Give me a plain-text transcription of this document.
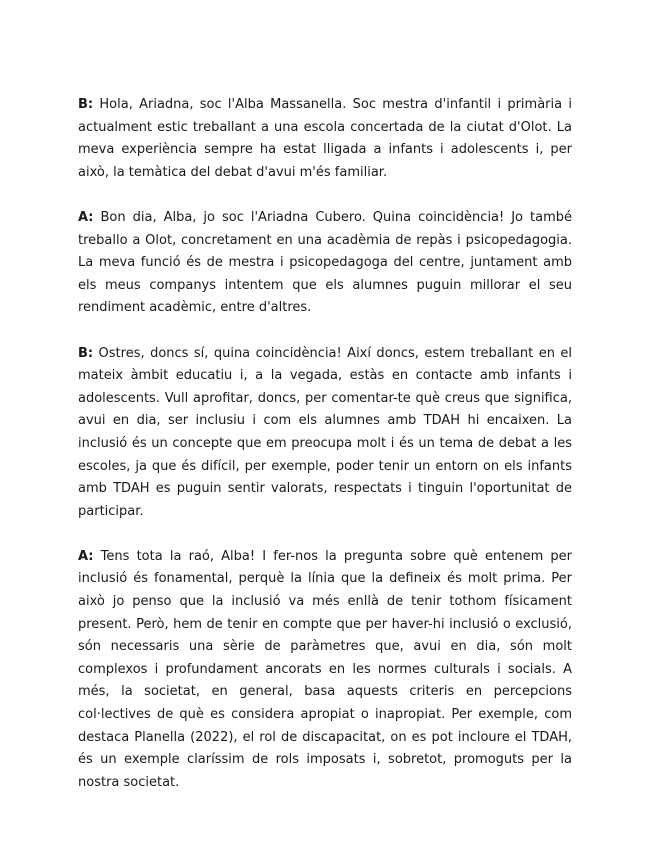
B: Hola, Ariadna, soc l'Alba Massanella. Soc mestra d'infantil i primària i actualment estic treballant a una escola concertada de la ciutat d'Olot. La meva experiència sempre ha estat lligada a infants i adolescents i, per això, la temàtica del debat d'avui m'és familiar.

A: Bon dia, Alba, jo soc l'Ariadna Cubero. Quina coincidència! Jo també treballo a Olot, concretament en una acadèmia de repàs i psicopedagogia. La meva funció és de mestra i psicopedagoga del centre, juntament amb els meus companys intentem que els alumnes puguin millorar el seu rendiment acadèmic, entre d'altres.

B: Ostres, doncs sí, quina coincidència! Així doncs, estem treballant en el mateix àmbit educatiu i, a la vegada, estàs en contacte amb infants i adolescents. Vull aprofitar, doncs, per comentar-te què creus que significa, avui en dia, ser inclusiu i com els alumnes amb TDAH hi encaixen. La inclusió és un concepte que em preocupa molt i és un tema de debat a les escoles, ja que és difícil, per exemple, poder tenir un entorn on els infants amb TDAH es puguin sentir valorats, respectats i tinguin l'oportunitat de participar.

A: Tens tota la raó, Alba! I fer-nos la pregunta sobre què entenem per inclusió és fonamental, perquè la línia que la defineix és molt prima. Per això jo penso que la inclusió va més enllà de tenir tothom físicament present. Però, hem de tenir en compte que per haver-hi inclusió o exclusió, són necessaris una sèrie de paràmetres que, avui en dia, són molt complexos i profundament ancorats en les normes culturals i socials. A més, la societat, en general, basa aquests criteris en percepcions col·lectives de què es considera apropiat o inapropiat. Per exemple, com destaca Planella (2022), el rol de discapacitat, on es pot incloure el TDAH, és un exemple claríssim de rols imposats i, sobretot, promoguts per la nostra societat.
